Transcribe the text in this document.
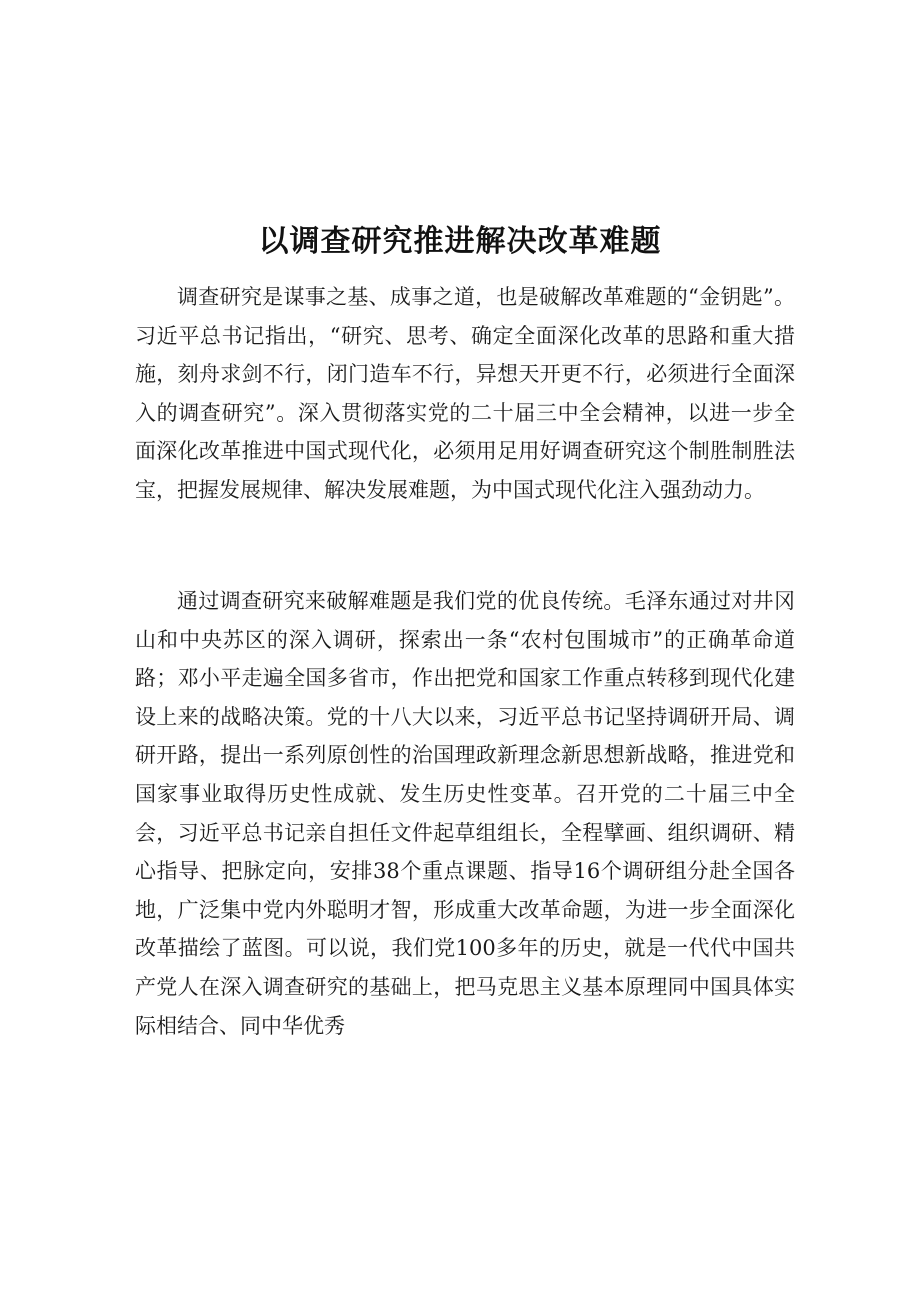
以调查研究推进解决改革难题

调查研究是谋事之基、成事之道，也是破解改革难题的“金钥匙”。习近平总书记指出，“研究、思考、确定全面深化改革的思路和重大措施，刻舟求剑不行，闭门造车不行，异想天开更不行，必须进行全面深入的调查研究”。深入贯彻落实党的二十届三中全会精神，以进一步全面深化改革推进中国式现代化，必须用足用好调查研究这个制胜制胜法宝，把握发展规律、解决发展难题，为中国式现代化注入强劲动力。

通过调查研究来破解难题是我们党的优良传统。毛泽东通过对井冈山和中央苏区的深入调研，探索出一条“农村包围城市”的正确革命道路；邓小平走遍全国多省市，作出把党和国家工作重点转移到现代化建设上来的战略决策。党的十八大以来，习近平总书记坚持调研开局、调研开路，提出一系列原创性的治国理政新理念新思想新战略，推进党和国家事业取得历史性成就、发生历史性变革。召开党的二十届三中全会，习近平总书记亲自担任文件起草组组长，全程擘画、组织调研、精心指导、把脉定向，安排38个重点课题、指导16个调研组分赴全国各地，广泛集中党内外聪明才智，形成重大改革命题，为进一步全面深化改革描绘了蓝图。可以说，我们党100多年的历史，就是一代代中国共产党人在深入调查研究的基础上，把马克思主义基本原理同中国具体实际相结合、同中华优秀
